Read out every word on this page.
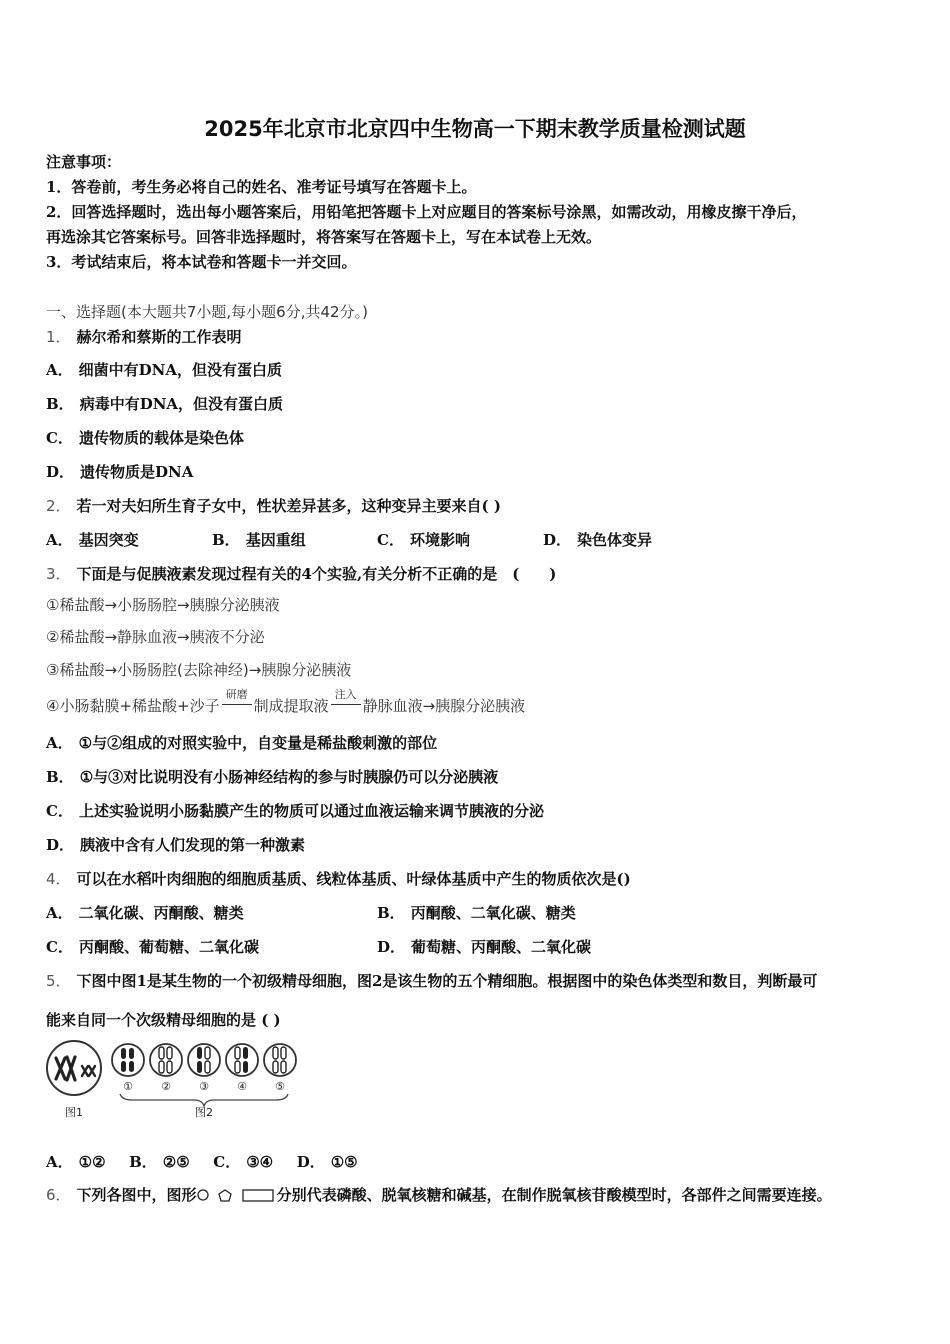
2025年北京市北京四中生物高一下期末教学质量检测试题
注意事项：
1．答卷前，考生务必将自己的姓名、准考证号填写在答题卡上。
2．回答选择题时，选出每小题答案后，用铅笔把答题卡上对应题目的答案标号涂黑，如需改动，用橡皮擦干净后，
再选涂其它答案标号。回答非选择题时，将答案写在答题卡上，写在本试卷上无效。
3．考试结束后，将本试卷和答题卡一并交回。
一、选择题(本大题共7小题,每小题6分,共42分。)
1． 赫尔希和蔡斯的工作表明
A． 细菌中有DNA，但没有蛋白质
B． 病毒中有DNA，但没有蛋白质
C． 遗传物质的载体是染色体
D． 遗传物质是DNA
2． 若一对夫妇所生育子女中，性状差异甚多，这种变异主要来自( )
A． 基因突变	B． 基因重组	C． 环境影响	D． 染色体变异
3． 下面是与促胰液素发现过程有关的4个实验,有关分析不正确的是　(　　)
①稀盐酸→小肠肠腔→胰腺分泌胰液
②稀盐酸→静脉血液→胰液不分泌
③稀盐酸→小肠肠腔(去除神经)→胰腺分泌胰液
④小肠黏膜+稀盐酸+沙子
研磨
制成提取液
注入
静脉血液→胰腺分泌胰液
A． ①与②组成的对照实验中，自变量是稀盐酸刺激的部位
B． ①与③对比说明没有小肠神经结构的参与时胰腺仍可以分泌胰液
C． 上述实验说明小肠黏膜产生的物质可以通过血液运输来调节胰液的分泌
D． 胰液中含有人们发现的第一种激素
4． 可以在水稻叶肉细胞的细胞质基质、线粒体基质、叶绿体基质中产生的物质依次是()
A． 二氧化碳、丙酮酸、糖类	B． 丙酮酸、二氧化碳、糖类
C． 丙酮酸、葡萄糖、二氧化碳	D． 葡萄糖、丙酮酸、二氧化碳
5． 下图中图1是某生物的一个初级精母细胞，图2是该生物的五个精细胞。根据图中的染色体类型和数目，判断最可
能来自同一个次级精母细胞的是 ( )
①	②	③	④	⑤
图1	图2
A． ①② B． ②⑤ C． ③④ D． ①⑤
6． 下列各图中，图形	分别代表磷酸、脱氧核糖和碱基，在制作脱氧核苷酸模型时，各部件之间需要连接。
